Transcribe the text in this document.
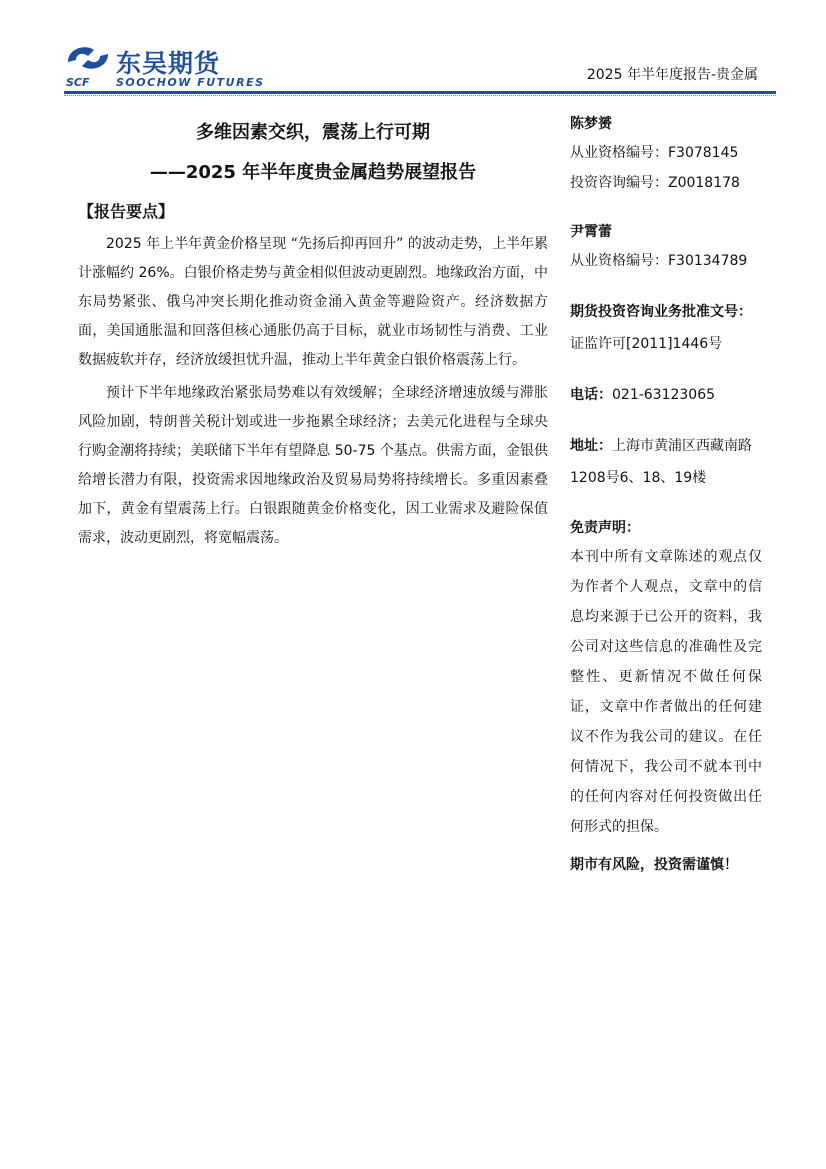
东吴期货
SCF SOOCHOW FUTURES	2025 年半年度报告-贵金属
多维因素交织，震荡上行可期
——2025 年半年度贵金属趋势展望报告
【报告要点】

2025 年上半年黄金价格呈现 “先扬后抑再回升” 的波动走势，上半年累计涨幅约 26%。白银价格走势与黄金相似但波动更剧烈。地缘政治方面，中东局势紧张、俄乌冲突长期化推动资金涌入黄金等避险资产。经济数据方面，美国通胀温和回落但核心通胀仍高于目标，就业市场韧性与消费、工业数据疲软并存，经济放缓担忧升温，推动上半年黄金白银价格震荡上行。

预计下半年地缘政治紧张局势难以有效缓解；全球经济增速放缓与滞胀风险加剧，特朗普关税计划或进一步拖累全球经济；去美元化进程与全球央行购金潮将持续；美联储下半年有望降息 50-75 个基点。供需方面，金银供给增长潜力有限，投资需求因地缘政治及贸易局势将持续增长。多重因素叠加下，黄金有望震荡上行。白银跟随黄金价格变化，因工业需求及避险保值需求，波动更剧烈，将宽幅震荡。

陈梦赟
从业资格编号：F3078145
投资咨询编号：Z0018178
尹霄蕾
从业资格编号：F30134789
期货投资咨询业务批准文号：证监许可[2011]1446号
电话：021-63123065
地址：上海市黄浦区西藏南路1208号6、18、19楼
免责声明：
本刊中所有文章陈述的观点仅为作者个人观点，文章中的信息均来源于已公开的资料，我公司对这些信息的准确性及完整性、更新情况不做任何保证，文章中作者做出的任何建议不作为我公司的建议。在任何情况下，我公司不就本刊中的任何内容对任何投资做出任何形式的担保。
期市有风险，投资需谨慎！
